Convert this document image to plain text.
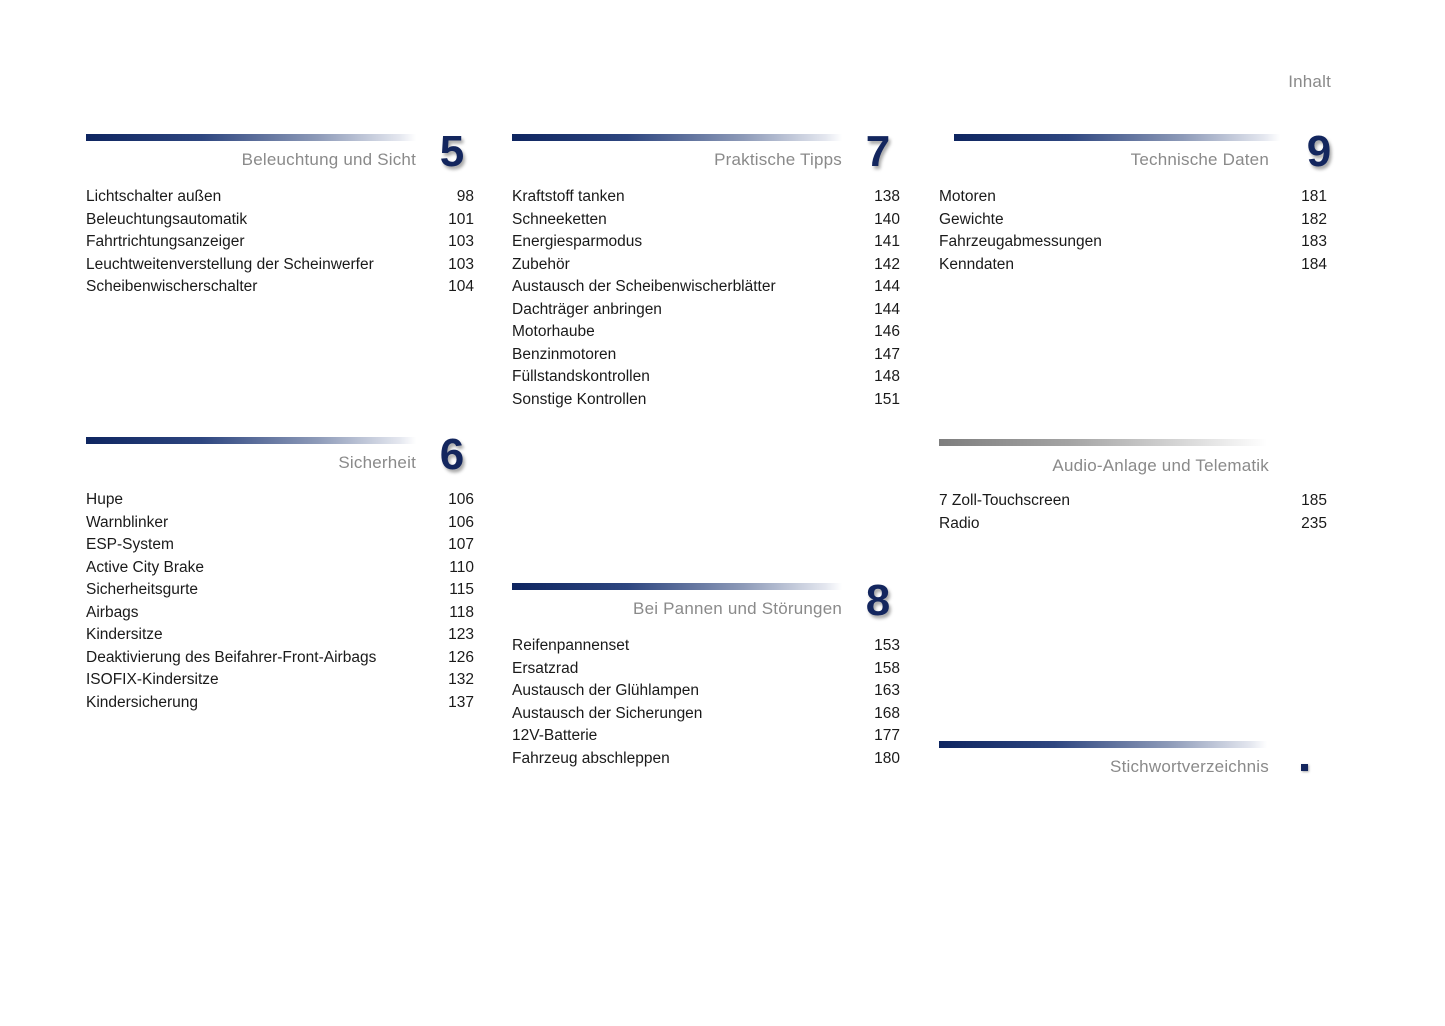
Inhalt
Beleuchtung und Sicht 5
Lichtschalter außen	98
Beleuchtungsautomatik	101
Fahrtrichtungsanzeiger	103
Leuchtweitenverstellung der Scheinwerfer	103
Scheibenwischerschalter	104
Sicherheit 6
Hupe	106
Warnblinker	106
ESP-System	107
Active City Brake	110
Sicherheitsgurte	115
Airbags	118
Kindersitze	123
Deaktivierung des Beifahrer-Front-Airbags	126
ISOFIX-Kindersitze	132
Kindersicherung	137
Praktische Tipps 7
Kraftstoff tanken	138
Schneeketten	140
Energiesparmodus	141
Zubehör	142
Austausch der Scheibenwischerblätter	144
Dachträger anbringen	144
Motorhaube	146
Benzinmotoren	147
Füllstandskontrollen	148
Sonstige Kontrollen	151
Bei Pannen und Störungen 8
Reifenpannenset	153
Ersatzrad	158
Austausch der Glühlampen	163
Austausch der Sicherungen	168
12V-Batterie	177
Fahrzeug abschleppen	180
Technische Daten 9
Motoren	181
Gewichte	182
Fahrzeugabmessungen	183
Kenndaten	184
Audio-Anlage und Telematik
7 Zoll-Touchscreen	185
Radio	235
Stichwortverzeichnis
